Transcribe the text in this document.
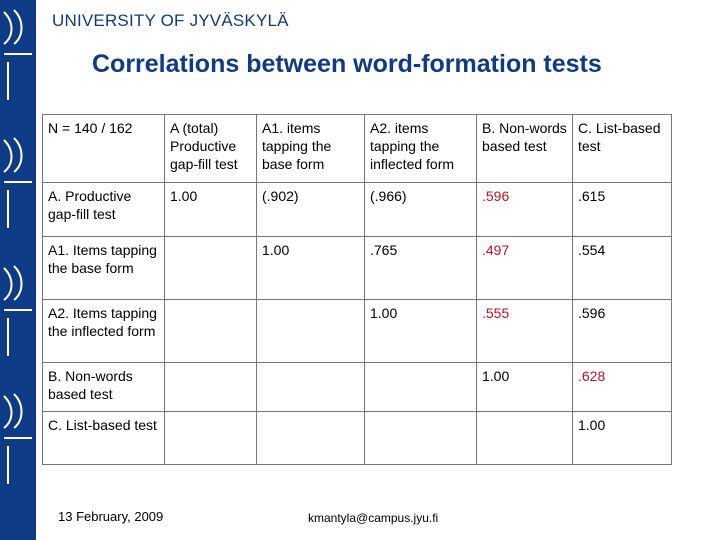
UNIVERSITY OF JYVÄSKYLÄ
Correlations between word-formation tests
N = 140 / 162	A (total) Productive gap-fill test	A1. items tapping the base form	A2. items tapping the inflected form	B. Non-words based test	C. List-based test
A. Productive gap-fill test	1.00	(.902)	(.966)	.596	.615
A1. Items tapping the base form		1.00	.765	.497	.554
A2. Items tapping the inflected form			1.00	.555	.596
B. Non-words based test				1.00	.628
C. List-based test					1.00
13 February, 2009	kmantyla@campus.jyu.fi
